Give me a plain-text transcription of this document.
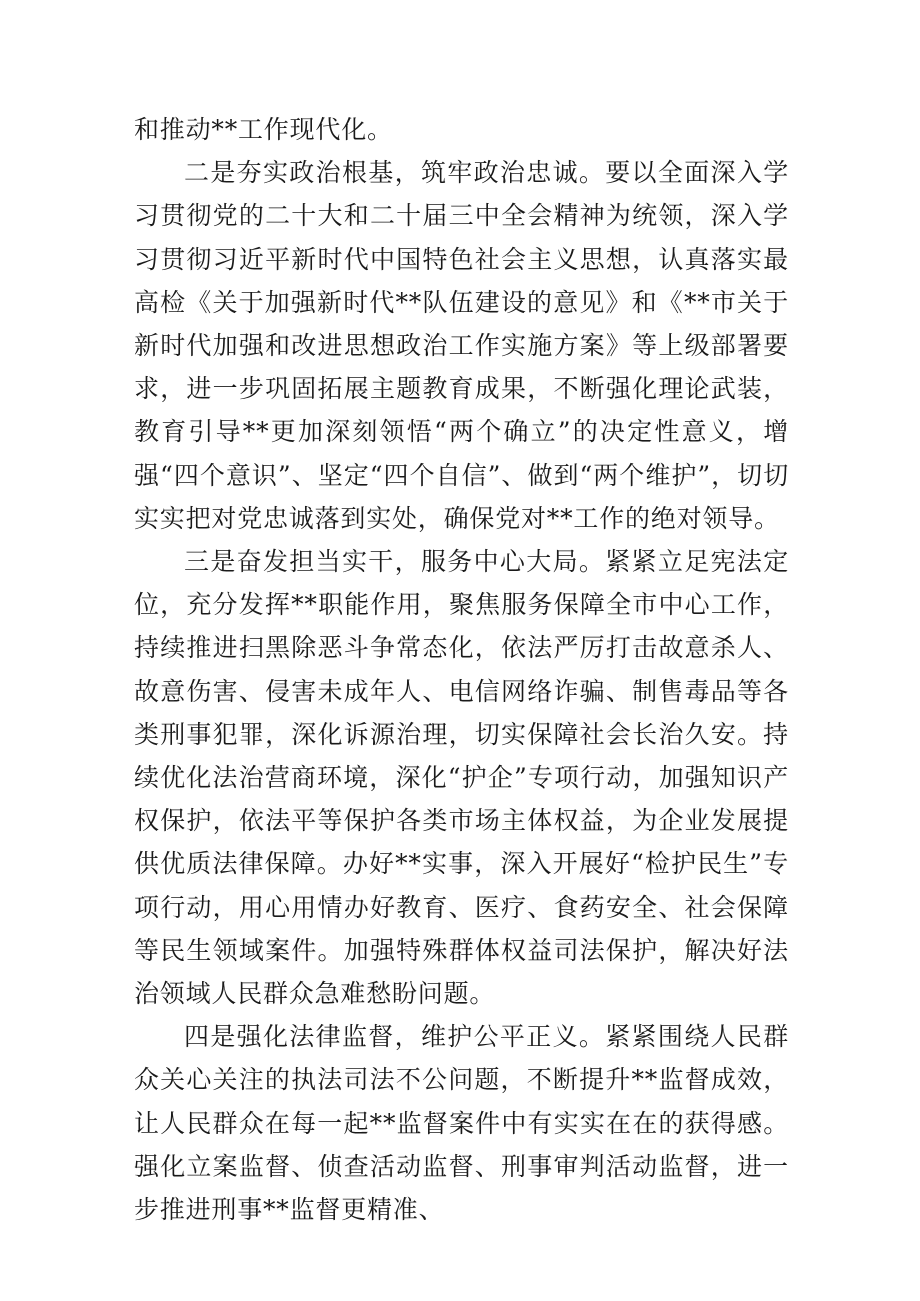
和推动**工作现代化。

二是夯实政治根基，筑牢政治忠诚。要以全面深入学习贯彻党的二十大和二十届三中全会精神为统领，深入学习贯彻习近平新时代中国特色社会主义思想，认真落实最高检《关于加强新时代**队伍建设的意见》和《**市关于新时代加强和改进思想政治工作实施方案》等上级部署要求，进一步巩固拓展主题教育成果，不断强化理论武装，教育引导**更加深刻领悟“两个确立”的决定性意义，增强“四个意识”、坚定“四个自信”、做到“两个维护”，切切实实把对党忠诚落到实处，确保党对**工作的绝对领导。

三是奋发担当实干，服务中心大局。紧紧立足宪法定位，充分发挥**职能作用，聚焦服务保障全市中心工作，持续推进扫黑除恶斗争常态化，依法严厉打击故意杀人、故意伤害、侵害未成年人、电信网络诈骗、制售毒品等各类刑事犯罪，深化诉源治理，切实保障社会长治久安。持续优化法治营商环境，深化“护企”专项行动，加强知识产权保护，依法平等保护各类市场主体权益，为企业发展提供优质法律保障。办好**实事，深入开展好“检护民生”专项行动，用心用情办好教育、医疗、食药安全、社会保障等民生领域案件。加强特殊群体权益司法保护，解决好法治领域人民群众急难愁盼问题。

四是强化法律监督，维护公平正义。紧紧围绕人民群众关心关注的执法司法不公问题，不断提升**监督成效，让人民群众在每一起**监督案件中有实实在在的获得感。强化立案监督、侦查活动监督、刑事审判活动监督，进一步推进刑事**监督更精准、
